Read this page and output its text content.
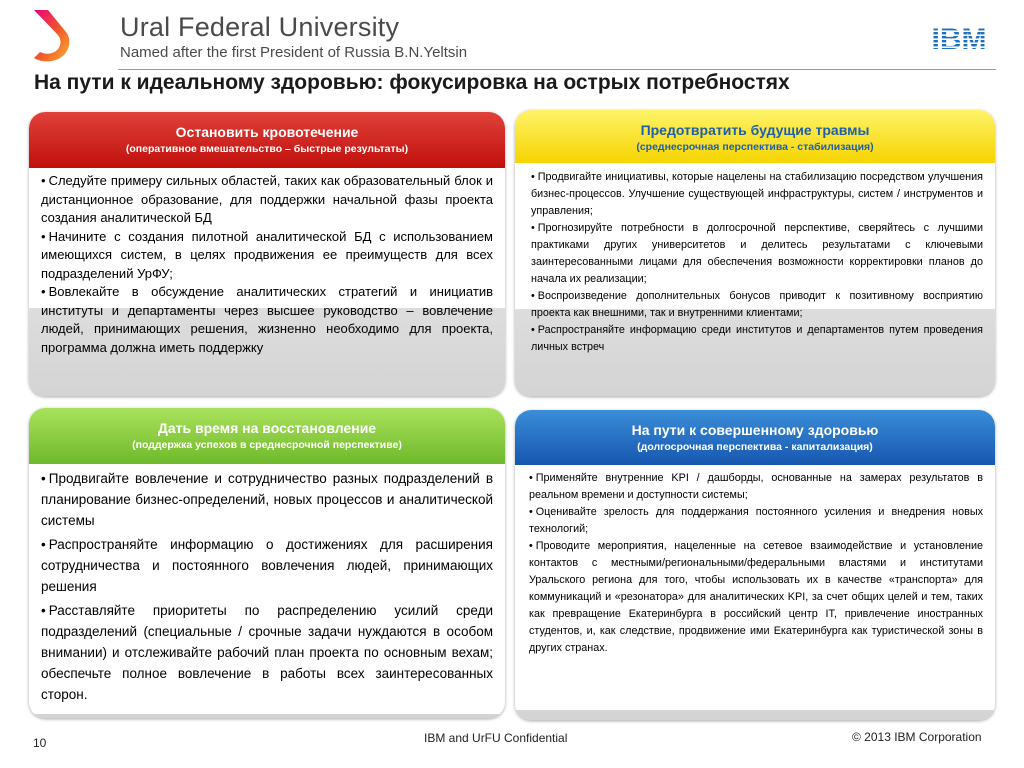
Ural Federal University
Named after the first President of Russia B.N.Yeltsin	IBM
На пути к идеальному здоровью: фокусировка на острых потребностях
Остановить кровотечение
(оперативное вмешательство – быстрые результаты)
• Следуйте примеру сильных областей, таких как образовательный блок и дистанционное образование, для поддержки начальной фазы проекта создания аналитической БД
• Начините с создания пилотной аналитической БД с использованием имеющихся систем, в целях продвижения ее преимуществ для всех подразделений УрФУ;
• Вовлекайте в обсуждение аналитических стратегий и инициатив институты и департаменты через высшее руководство – вовлечение людей, принимающих решения, жизненно необходимо для проекта, программа должна иметь поддержку
Предотвратить будущие травмы
(среднесрочная перспектива - стабилизация)
• Продвигайте инициативы, которые нацелены на стабилизацию посредством улучшения бизнес-процессов. Улучшение существующей инфраструктуры, систем / инструментов и управления;
• Прогнозируйте потребности в долгосрочной перспективе, сверяйтесь с лучшими практиками других университетов и делитесь результатами с ключевыми заинтересованными лицами для обеспечения возможности корректировки планов до начала их реализации;
• Воспроизведение дополнительных бонусов приводит к позитивному восприятию проекта как внешними, так и внутренними клиентами;
• Распространяйте информацию среди институтов и департаментов путем проведения личных встреч
Дать время на восстановление
(поддержка успехов в среднесрочной перспективе)
• Продвигайте вовлечение и сотрудничество разных подразделений в планирование бизнес-определений, новых процессов и аналитической системы
• Распространяйте информацию о достижениях для расширения сотрудничества и постоянного вовлечения людей, принимающих решения
• Расставляйте приоритеты по распределению усилий среди подразделений (специальные / срочные задачи нуждаются в особом внимании) и отслеживайте рабочий план проекта по основным вехам; обеспечьте полное вовлечение в работы всех заинтересованных сторон.
На пути к совершенному здоровью
(долгосрочная перспектива - капитализация)
• Применяйте внутренние KPI / дашборды, основанные на замерах результатов в реальном времени и доступности системы;
• Оценивайте зрелость для поддержания постоянного усиления и внедрения новых технологий;
• Проводите мероприятия, нацеленные на сетевое взаимодействие и установление контактов с местными/региональными/федеральными властями и институтами Уральского региона для того, чтобы использовать их в качестве «транспорта» для коммуникаций и «резонатора» для аналитических KPI, за счет общих целей и тем, таких как превращение Екатеринбурга в российский центр IT, привлечение иностранных студентов, и, как следствие, продвижение ими Екатеринбурга как туристической зоны в других странах.
10	IBM and UrFU Confidential	© 2013 IBM Corporation
